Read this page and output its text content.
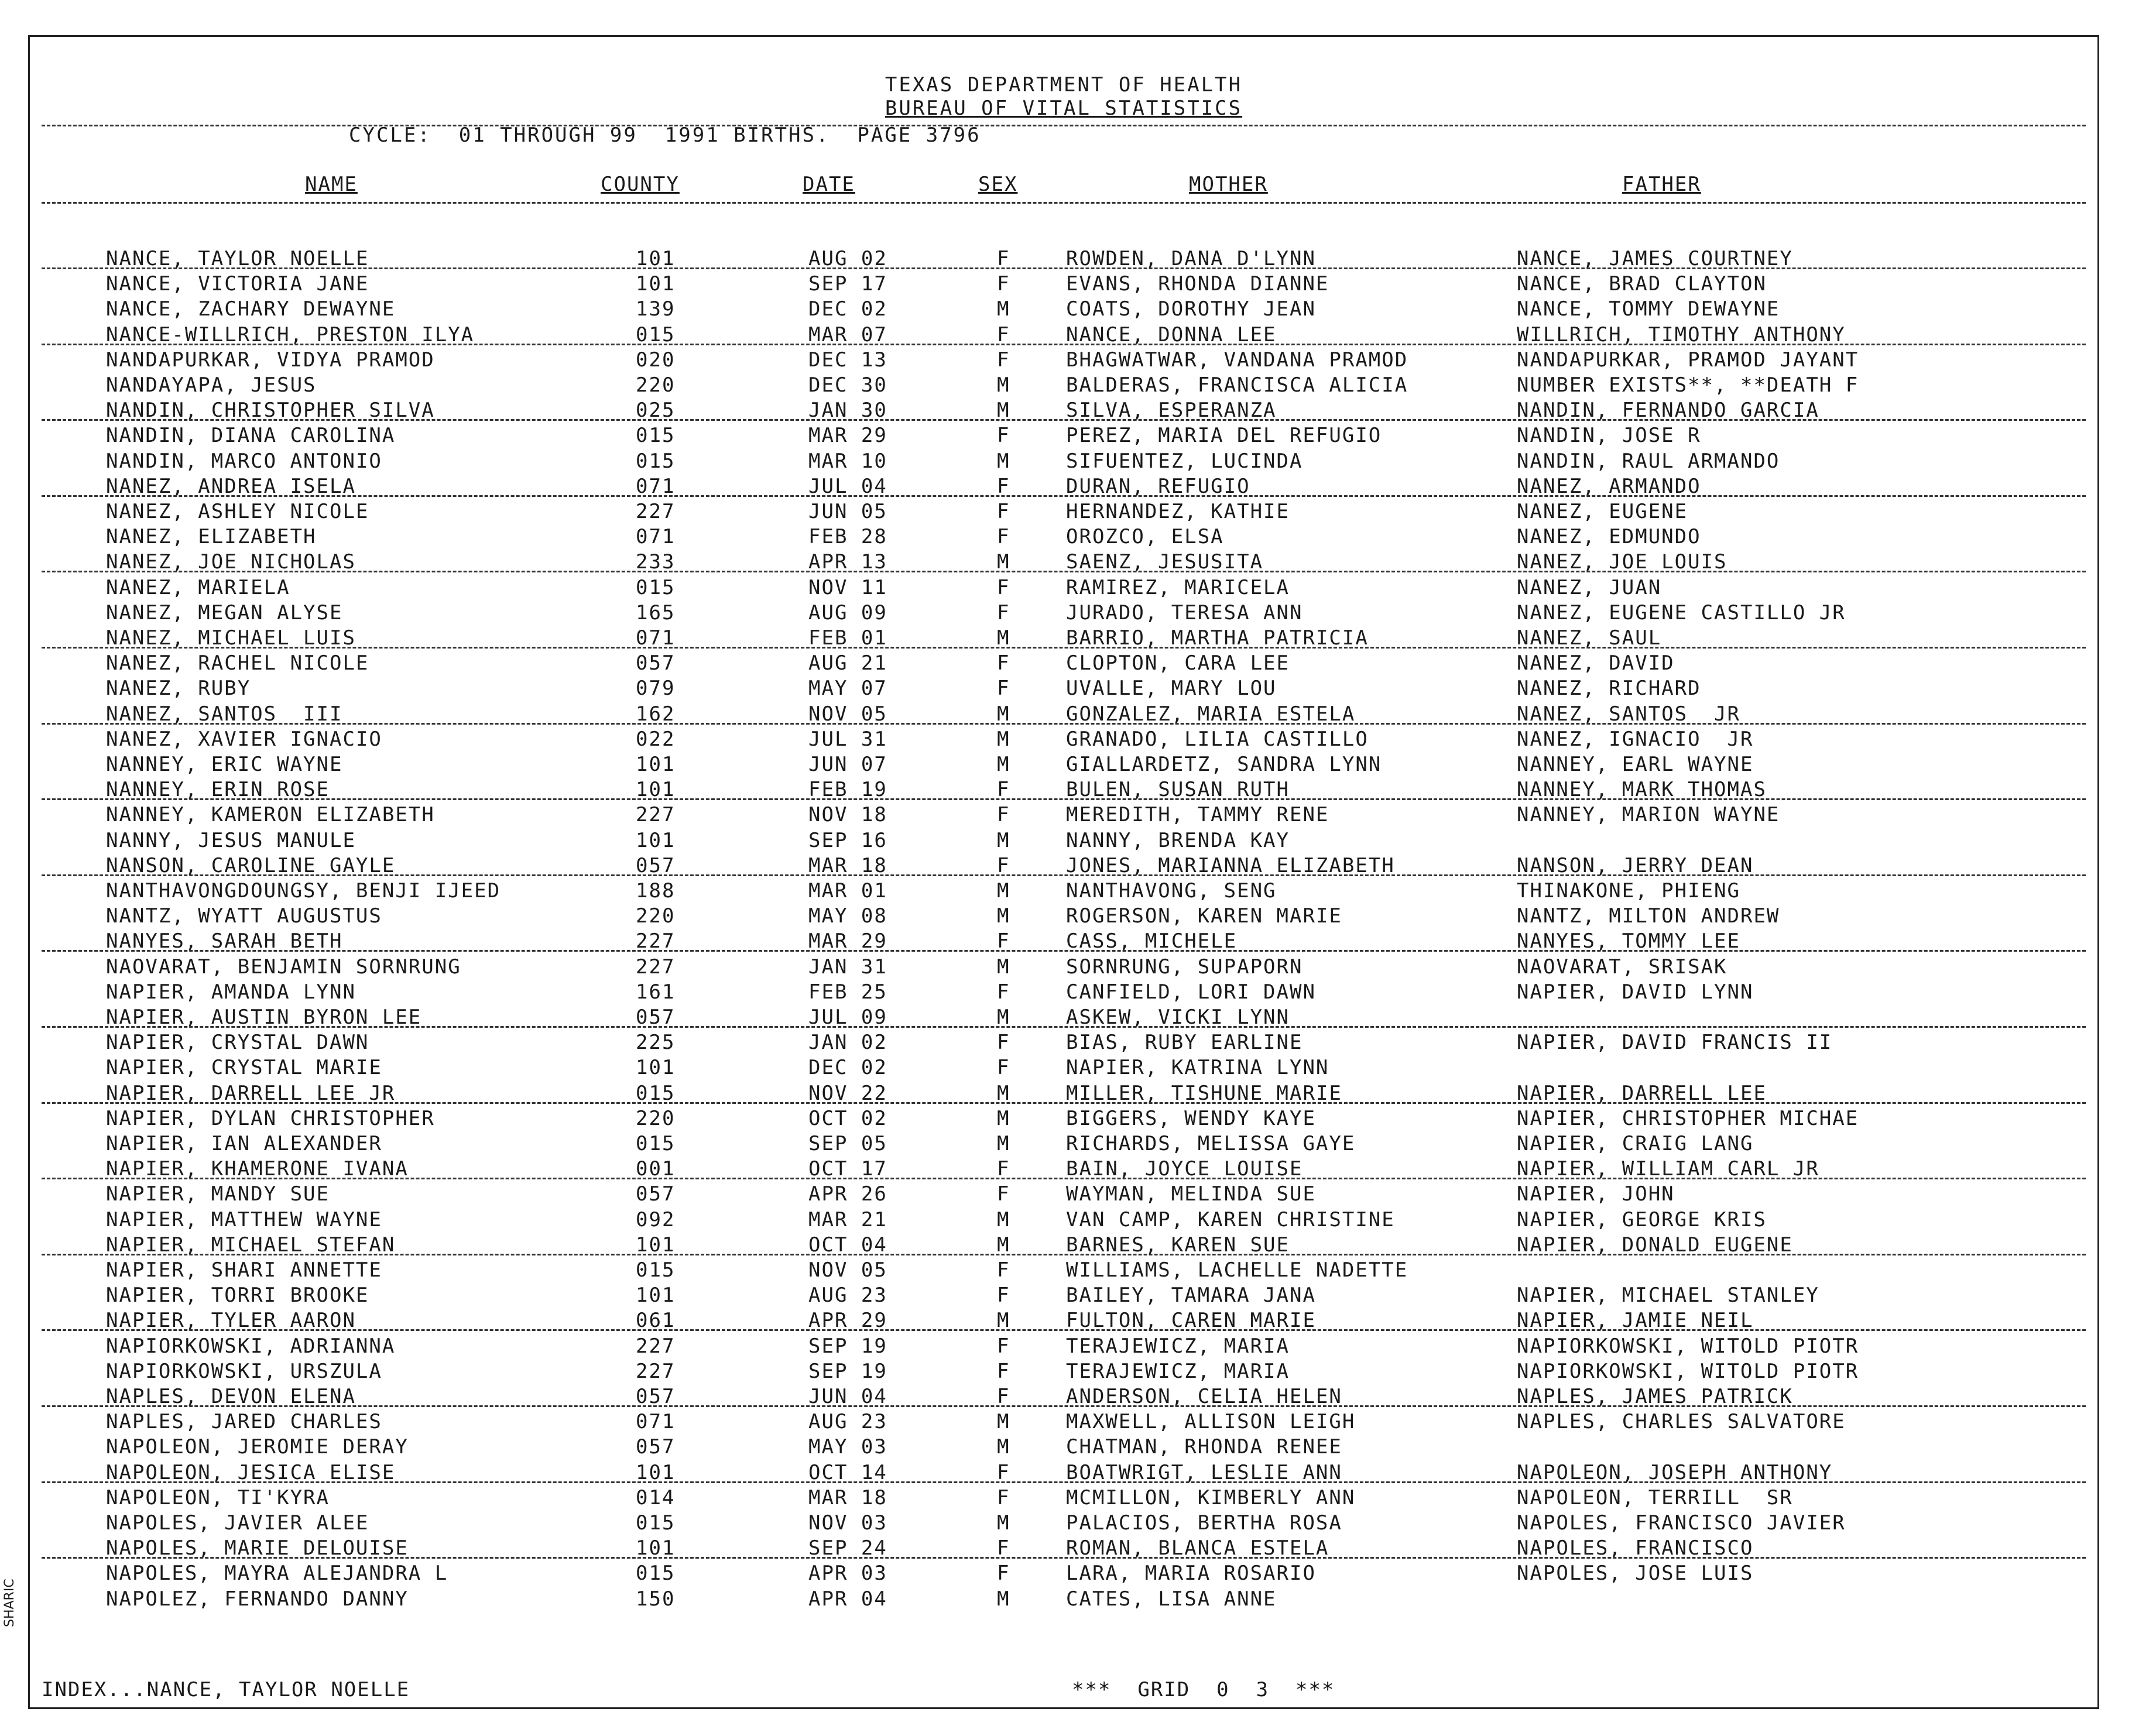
TEXAS DEPARTMENT OF HEALTH
BUREAU OF VITAL STATISTICS
CYCLE:  01 THROUGH 99  1991 BIRTHS.  PAGE 3796
NAME	COUNTY	DATE	SEX	MOTHER	FATHER
NANCE, TAYLOR NOELLE	101	AUG 02	F	ROWDEN, DANA D'LYNN	NANCE, JAMES COURTNEY
NANCE, VICTORIA JANE	101	SEP 17	F	EVANS, RHONDA DIANNE	NANCE, BRAD CLAYTON
NANCE, ZACHARY DEWAYNE	139	DEC 02	M	COATS, DOROTHY JEAN	NANCE, TOMMY DEWAYNE
NANCE-WILLRICH, PRESTON ILYA	015	MAR 07	F	NANCE, DONNA LEE	WILLRICH, TIMOTHY ANTHONY
NANDAPURKAR, VIDYA PRAMOD	020	DEC 13	F	BHAGWATWAR, VANDANA PRAMOD	NANDAPURKAR, PRAMOD JAYANT
NANDAYAPA, JESUS	220	DEC 30	M	BALDERAS, FRANCISCA ALICIA	NUMBER EXISTS**, **DEATH F
NANDIN, CHRISTOPHER SILVA	025	JAN 30	M	SILVA, ESPERANZA	NANDIN, FERNANDO GARCIA
NANDIN, DIANA CAROLINA	015	MAR 29	F	PEREZ, MARIA DEL REFUGIO	NANDIN, JOSE R
NANDIN, MARCO ANTONIO	015	MAR 10	M	SIFUENTEZ, LUCINDA	NANDIN, RAUL ARMANDO
NANEZ, ANDREA ISELA	071	JUL 04	F	DURAN, REFUGIO	NANEZ, ARMANDO
NANEZ, ASHLEY NICOLE	227	JUN 05	F	HERNANDEZ, KATHIE	NANEZ, EUGENE
NANEZ, ELIZABETH	071	FEB 28	F	OROZCO, ELSA	NANEZ, EDMUNDO
NANEZ, JOE NICHOLAS	233	APR 13	M	SAENZ, JESUSITA	NANEZ, JOE LOUIS
NANEZ, MARIELA	015	NOV 11	F	RAMIREZ, MARICELA	NANEZ, JUAN
NANEZ, MEGAN ALYSE	165	AUG 09	F	JURADO, TERESA ANN	NANEZ, EUGENE CASTILLO JR
NANEZ, MICHAEL LUIS	071	FEB 01	M	BARRIO, MARTHA PATRICIA	NANEZ, SAUL
NANEZ, RACHEL NICOLE	057	AUG 21	F	CLOPTON, CARA LEE	NANEZ, DAVID
NANEZ, RUBY	079	MAY 07	F	UVALLE, MARY LOU	NANEZ, RICHARD
NANEZ, SANTOS  III	162	NOV 05	M	GONZALEZ, MARIA ESTELA	NANEZ, SANTOS  JR
NANEZ, XAVIER IGNACIO	022	JUL 31	M	GRANADO, LILIA CASTILLO	NANEZ, IGNACIO  JR
NANNEY, ERIC WAYNE	101	JUN 07	M	GIALLARDETZ, SANDRA LYNN	NANNEY, EARL WAYNE
NANNEY, ERIN ROSE	101	FEB 19	F	BULEN, SUSAN RUTH	NANNEY, MARK THOMAS
NANNEY, KAMERON ELIZABETH	227	NOV 18	F	MEREDITH, TAMMY RENE	NANNEY, MARION WAYNE
NANNY, JESUS MANULE	101	SEP 16	M	NANNY, BRENDA KAY
NANSON, CAROLINE GAYLE	057	MAR 18	F	JONES, MARIANNA ELIZABETH	NANSON, JERRY DEAN
NANTHAVONGDOUNGSY, BENJI IJEED	188	MAR 01	M	NANTHAVONG, SENG	THINAKONE, PHIENG
NANTZ, WYATT AUGUSTUS	220	MAY 08	M	ROGERSON, KAREN MARIE	NANTZ, MILTON ANDREW
NANYES, SARAH BETH	227	MAR 29	F	CASS, MICHELE	NANYES, TOMMY LEE
NAOVARAT, BENJAMIN SORNRUNG	227	JAN 31	M	SORNRUNG, SUPAPORN	NAOVARAT, SRISAK
NAPIER, AMANDA LYNN	161	FEB 25	F	CANFIELD, LORI DAWN	NAPIER, DAVID LYNN
NAPIER, AUSTIN BYRON LEE	057	JUL 09	M	ASKEW, VICKI LYNN
NAPIER, CRYSTAL DAWN	225	JAN 02	F	BIAS, RUBY EARLINE	NAPIER, DAVID FRANCIS II
NAPIER, CRYSTAL MARIE	101	DEC 02	F	NAPIER, KATRINA LYNN
NAPIER, DARRELL LEE JR	015	NOV 22	M	MILLER, TISHUNE MARIE	NAPIER, DARRELL LEE
NAPIER, DYLAN CHRISTOPHER	220	OCT 02	M	BIGGERS, WENDY KAYE	NAPIER, CHRISTOPHER MICHAE
NAPIER, IAN ALEXANDER	015	SEP 05	M	RICHARDS, MELISSA GAYE	NAPIER, CRAIG LANG
NAPIER, KHAMERONE IVANA	001	OCT 17	F	BAIN, JOYCE LOUISE	NAPIER, WILLIAM CARL JR
NAPIER, MANDY SUE	057	APR 26	F	WAYMAN, MELINDA SUE	NAPIER, JOHN
NAPIER, MATTHEW WAYNE	092	MAR 21	M	VAN CAMP, KAREN CHRISTINE	NAPIER, GEORGE KRIS
NAPIER, MICHAEL STEFAN	101	OCT 04	M	BARNES, KAREN SUE	NAPIER, DONALD EUGENE
NAPIER, SHARI ANNETTE	015	NOV 05	F	WILLIAMS, LACHELLE NADETTE
NAPIER, TORRI BROOKE	101	AUG 23	F	BAILEY, TAMARA JANA	NAPIER, MICHAEL STANLEY
NAPIER, TYLER AARON	061	APR 29	M	FULTON, CAREN MARIE	NAPIER, JAMIE NEIL
NAPIORKOWSKI, ADRIANNA	227	SEP 19	F	TERAJEWICZ, MARIA	NAPIORKOWSKI, WITOLD PIOTR
NAPIORKOWSKI, URSZULA	227	SEP 19	F	TERAJEWICZ, MARIA	NAPIORKOWSKI, WITOLD PIOTR
NAPLES, DEVON ELENA	057	JUN 04	F	ANDERSON, CELIA HELEN	NAPLES, JAMES PATRICK
NAPLES, JARED CHARLES	071	AUG 23	M	MAXWELL, ALLISON LEIGH	NAPLES, CHARLES SALVATORE
NAPOLEON, JEROMIE DERAY	057	MAY 03	M	CHATMAN, RHONDA RENEE
NAPOLEON, JESICA ELISE	101	OCT 14	F	BOATWRIGT, LESLIE ANN	NAPOLEON, JOSEPH ANTHONY
NAPOLEON, TI'KYRA	014	MAR 18	F	MCMILLON, KIMBERLY ANN	NAPOLEON, TERRILL  SR
NAPOLES, JAVIER ALEE	015	NOV 03	M	PALACIOS, BERTHA ROSA	NAPOLES, FRANCISCO JAVIER
NAPOLES, MARIE DELOUISE	101	SEP 24	F	ROMAN, BLANCA ESTELA	NAPOLES, FRANCISCO
NAPOLES, MAYRA ALEJANDRA L	015	APR 03	F	LARA, MARIA ROSARIO	NAPOLES, JOSE LUIS
NAPOLEZ, FERNANDO DANNY	150	APR 04	M	CATES, LISA ANNE
INDEX...NANCE, TAYLOR NOELLE	***  GRID  0  3  ***
SHARIC
